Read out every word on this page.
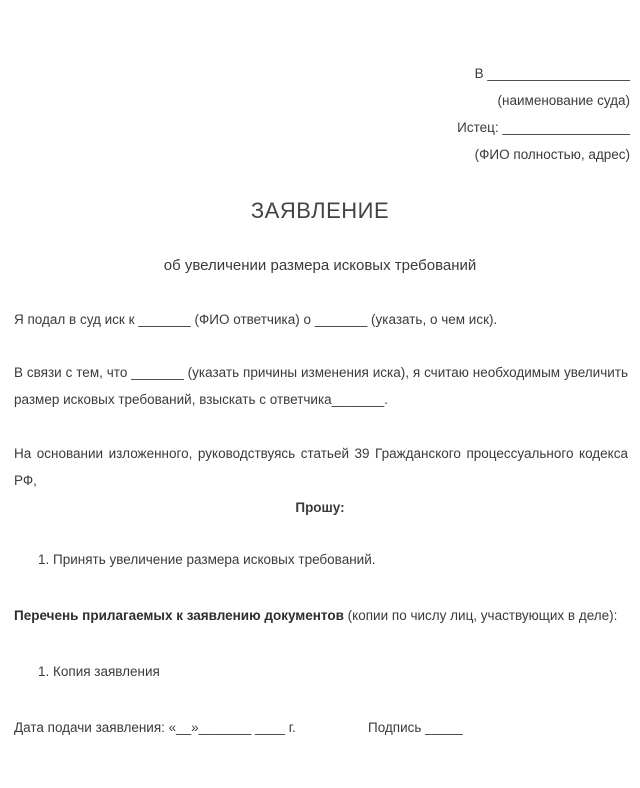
В ___________________
(наименование суда)
Истец: _________________
(ФИО полностью, адрес)
ЗАЯВЛЕНИЕ
об увеличении размера исковых требований
Я подал в суд иск к _______ (ФИО ответчика) о _______ (указать, о чем иск).
В связи с тем, что _______ (указать причины изменения иска), я считаю необходимым увеличить размер исковых требований, взыскать с ответчика_______.
На основании изложенного, руководствуясь статьей 39 Гражданского процессуального кодекса РФ,
Прошу:
1. Принять увеличение размера исковых требований.
Перечень прилагаемых к заявлению документов (копии по числу лиц, участвующих в деле):
1. Копия заявления
Дата подачи заявления: «__»_______ ____ г.	Подпись _____
